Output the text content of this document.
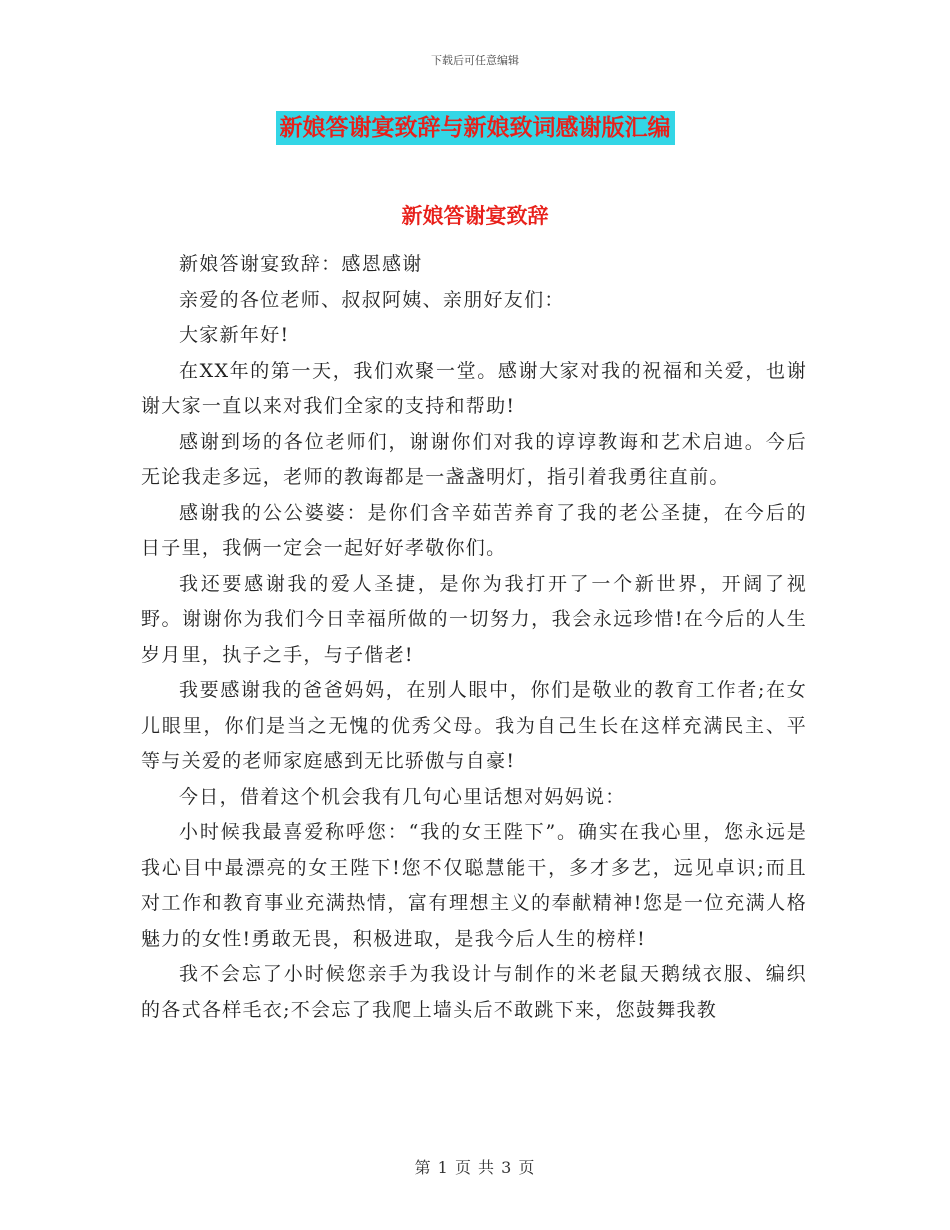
下载后可任意编辑
新娘答谢宴致辞与新娘致词感谢版汇编
新娘答谢宴致辞

新娘答谢宴致辞：感恩感谢

亲爱的各位老师、叔叔阿姨、亲朋好友们：

大家新年好!

在XX年的第一天，我们欢聚一堂。感谢大家对我的祝福和关爱，也谢谢大家一直以来对我们全家的支持和帮助!

感谢到场的各位老师们，谢谢你们对我的谆谆教诲和艺术启迪。今后无论我走多远，老师的教诲都是一盏盏明灯，指引着我勇往直前。

感谢我的公公婆婆：是你们含辛茹苦养育了我的老公圣捷，在今后的日子里，我俩一定会一起好好孝敬你们。

我还要感谢我的爱人圣捷，是你为我打开了一个新世界，开阔了视野。谢谢你为我们今日幸福所做的一切努力，我会永远珍惜!在今后的人生岁月里，执子之手，与子偕老!

我要感谢我的爸爸妈妈，在别人眼中，你们是敬业的教育工作者;在女儿眼里，你们是当之无愧的优秀父母。我为自己生长在这样充满民主、平等与关爱的老师家庭感到无比骄傲与自豪!

今日，借着这个机会我有几句心里话想对妈妈说：

小时候我最喜爱称呼您：“我的女王陛下”。确实在我心里，您永远是我心目中最漂亮的女王陛下!您不仅聪慧能干，多才多艺，远见卓识;而且对工作和教育事业充满热情，富有理想主义的奉献精神!您是一位充满人格魅力的女性!勇敢无畏，积极进取，是我今后人生的榜样!

我不会忘了小时候您亲手为我设计与制作的米老鼠天鹅绒衣服、编织的各式各样毛衣;不会忘了我爬上墙头后不敢跳下来，您鼓舞我教

第 1 页 共 3 页
